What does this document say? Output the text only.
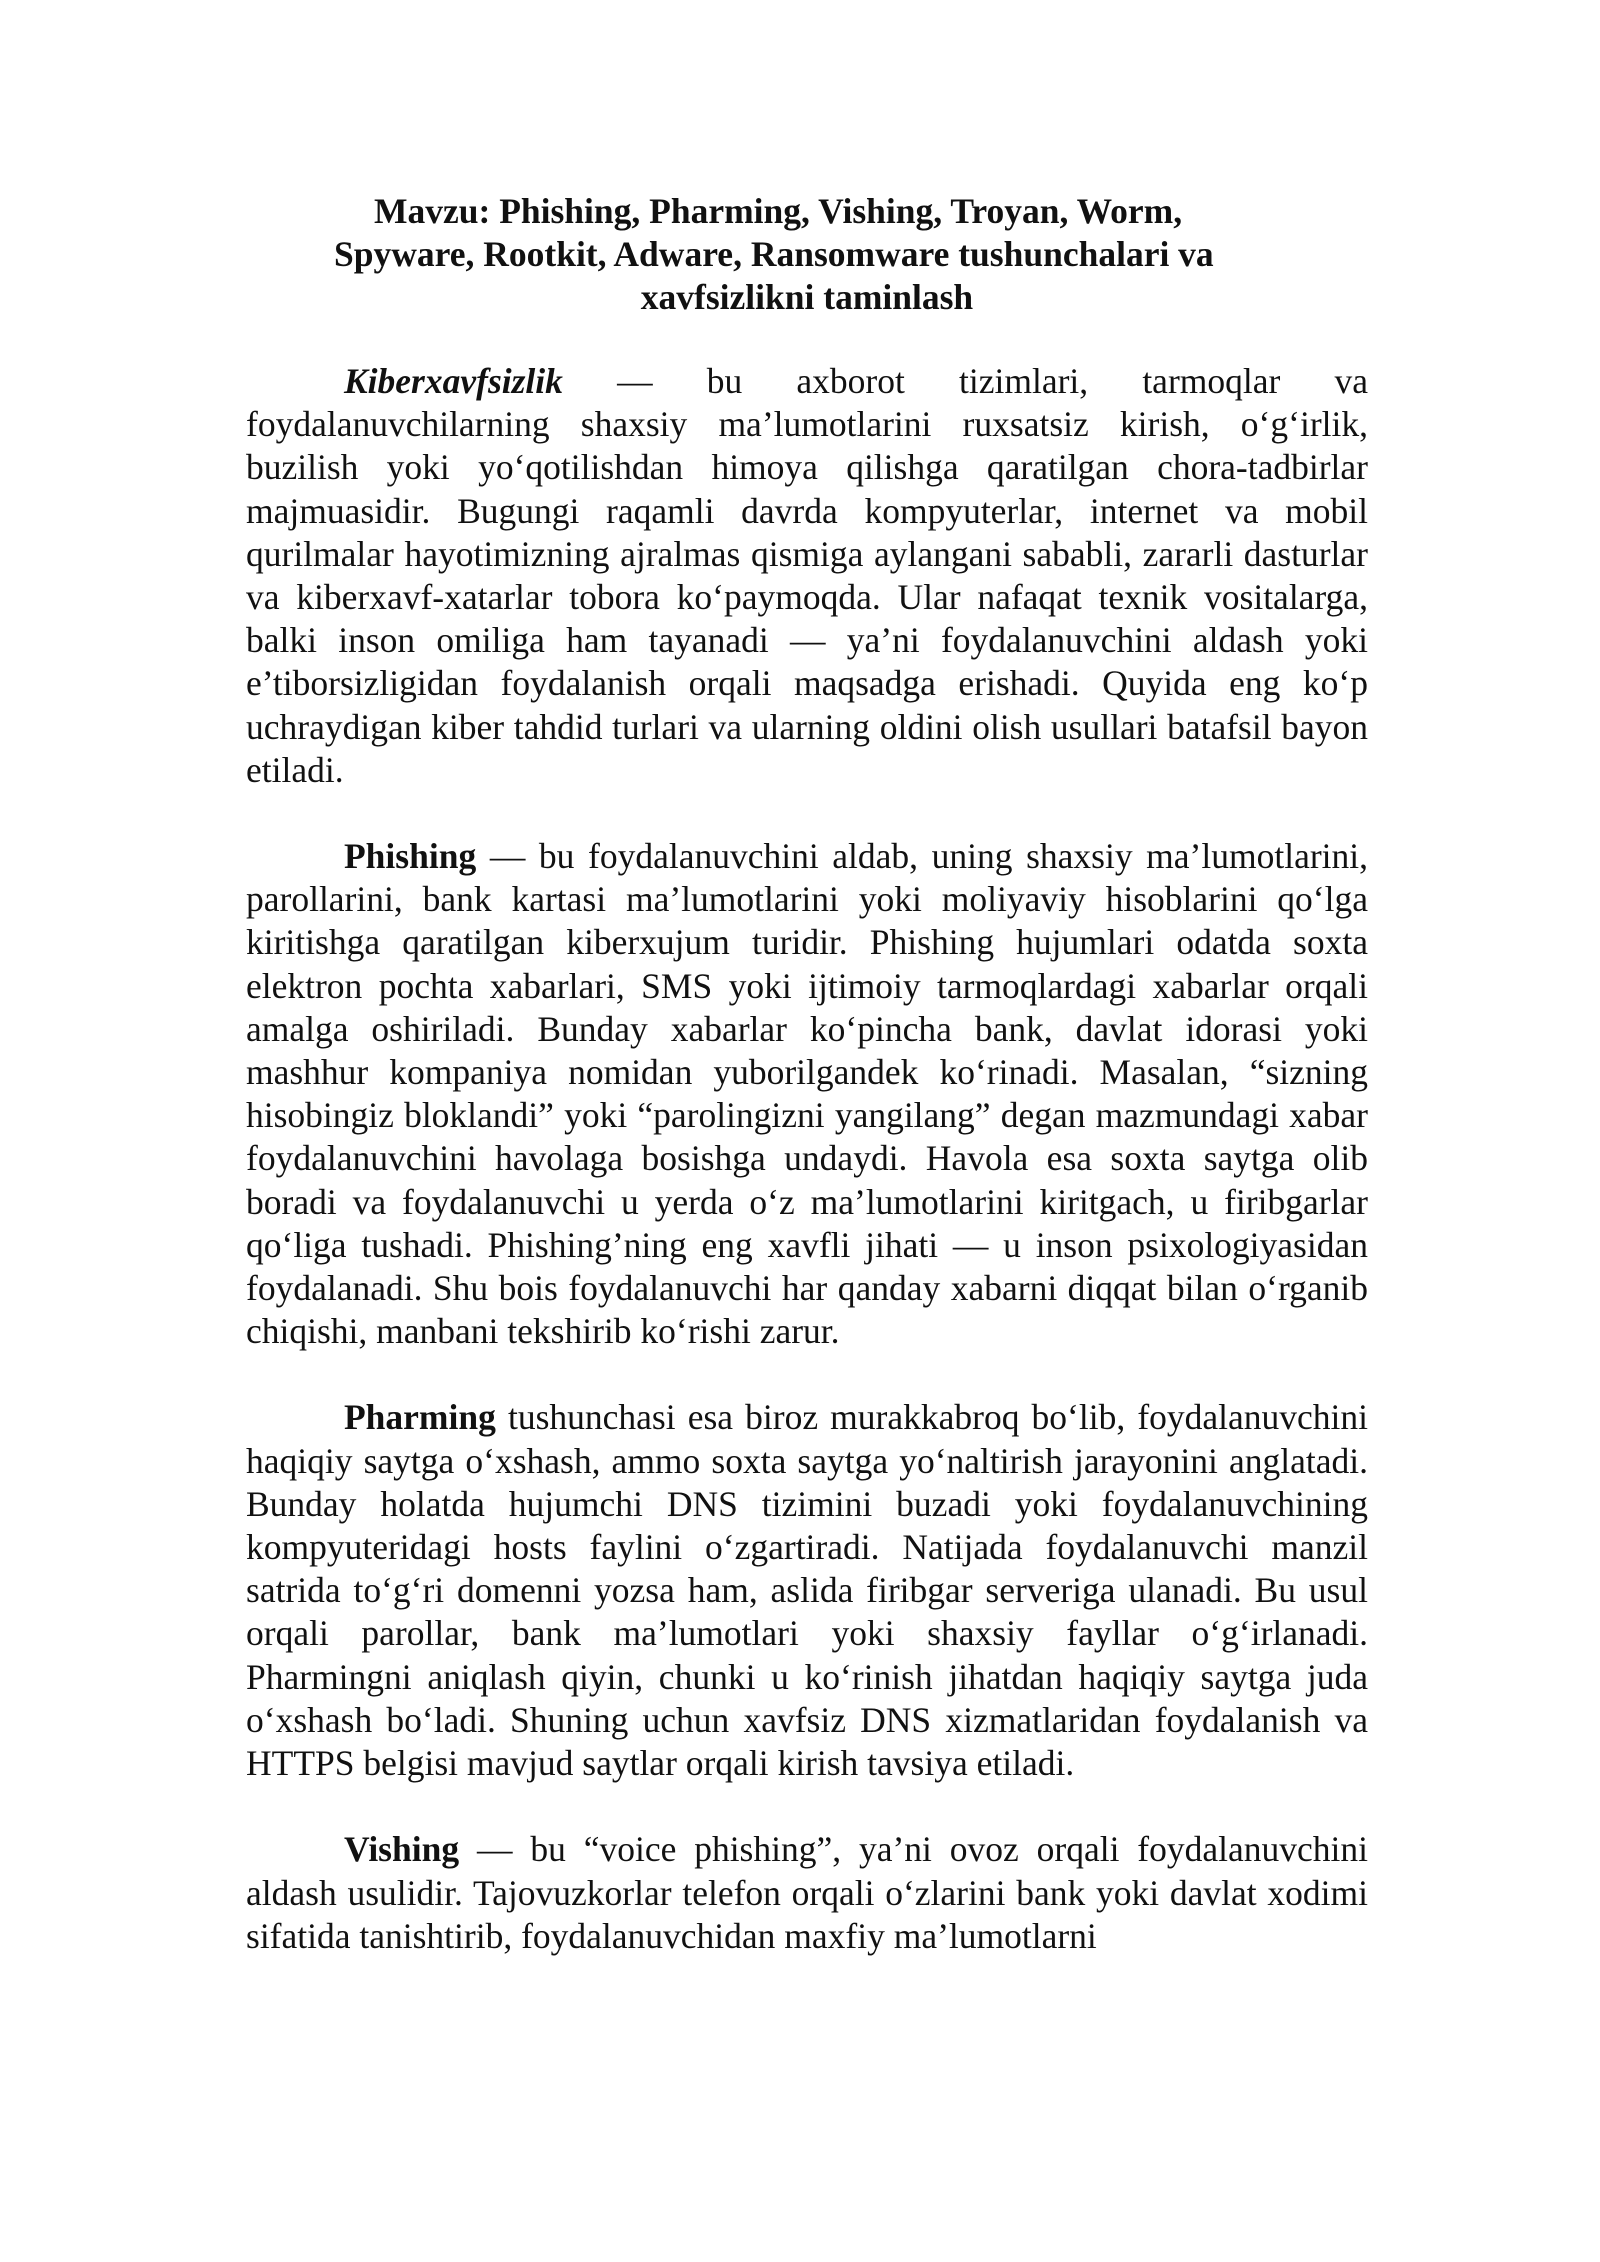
Mavzu: Phishing, Pharming, Vishing, Troyan, Worm,
Spyware, Rootkit, Adware, Ransomware tushunchalari va
xavfsizlikni taminlash

Kiberxavfsizlik — bu axborot tizimlari, tarmoqlar va foydalanuvchilarning shaxsiy ma’lumotlarini ruxsatsiz kirish, o‘g‘irlik, buzilish yoki yo‘qotilishdan himoya qilishga qaratilgan chora-tadbirlar majmuasidir. Bugungi raqamli davrda kompyuterlar, internet va mobil qurilmalar hayotimizning ajralmas qismiga aylangani sababli, zararli dasturlar va kiberxavf-xatarlar tobora ko‘paymoqda. Ular nafaqat texnik vositalarga, balki inson omiliga ham tayanadi — ya’ni foydalanuvchini aldash yoki e’tiborsizligidan foydalanish orqali maqsadga erishadi. Quyida eng ko‘p uchraydigan kiber tahdid turlari va ularning oldini olish usullari batafsil bayon etiladi.

Phishing — bu foydalanuvchini aldab, uning shaxsiy ma’lumotlarini, parollarini, bank kartasi ma’lumotlarini yoki moliyaviy hisoblarini qo‘lga kiritishga qaratilgan kiberxujum turidir. Phishing hujumlari odatda soxta elektron pochta xabarlari, SMS yoki ijtimoiy tarmoqlardagi xabarlar orqali amalga oshiriladi. Bunday xabarlar ko‘pincha bank, davlat idorasi yoki mashhur kompaniya nomidan yuborilgandek ko‘rinadi. Masalan, “sizning hisobingiz bloklandi” yoki “parolingizni yangilang” degan mazmundagi xabar foydalanuvchini havolaga bosishga undaydi. Havola esa soxta saytga olib boradi va foydalanuvchi u yerda o‘z ma’lumotlarini kiritgach, u firibgarlar qo‘liga tushadi. Phishing’ning eng xavfli jihati — u inson psixologiyasidan foydalanadi. Shu bois foydalanuvchi har qanday xabarni diqqat bilan o‘rganib chiqishi, manbani tekshirib ko‘rishi zarur.

Pharming tushunchasi esa biroz murakkabroq bo‘lib, foydalanuvchini haqiqiy saytga o‘xshash, ammo soxta saytga yo‘naltirish jarayonini anglatadi. Bunday holatda hujumchi DNS tizimini buzadi yoki foydalanuvchining kompyuteridagi hosts faylini o‘zgartiradi. Natijada foydalanuvchi manzil satrida to‘g‘ri domenni yozsa ham, aslida firibgar serveriga ulanadi. Bu usul orqali parollar, bank ma’lumotlari yoki shaxsiy fayllar o‘g‘irlanadi. Pharmingni aniqlash qiyin, chunki u ko‘rinish jihatdan haqiqiy saytga juda o‘xshash bo‘ladi. Shuning uchun xavfsiz DNS xizmatlaridan foydalanish va HTTPS belgisi mavjud saytlar orqali kirish tavsiya etiladi.

Vishing — bu “voice phishing”, ya’ni ovoz orqali foydalanuvchini aldash usulidir. Tajovuzkorlar telefon orqali o‘zlarini bank yoki davlat xodimi sifatida tanishtirib, foydalanuvchidan maxfiy ma’lumotlarni
